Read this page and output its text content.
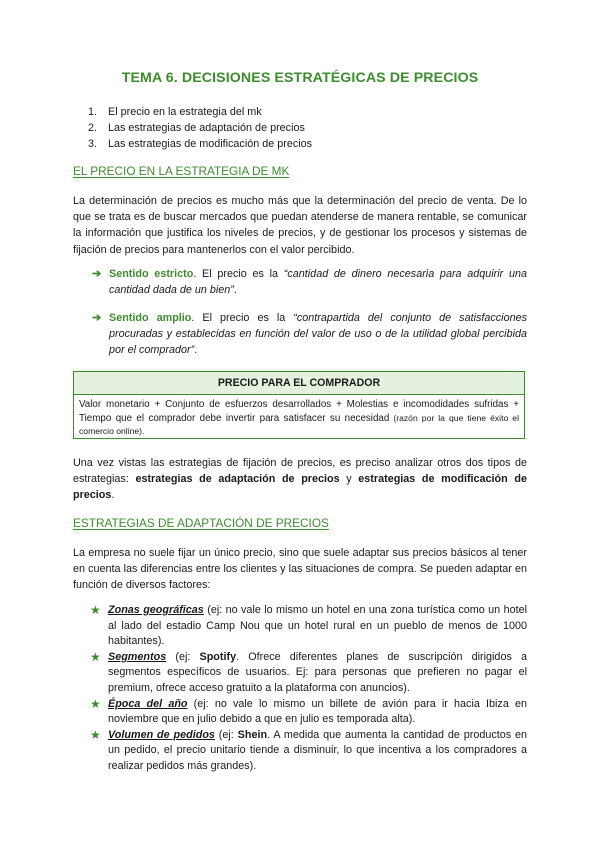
TEMA 6. DECISIONES ESTRATÉGICAS DE PRECIOS
1. El precio en la estrategia del mk
2. Las estrategias de adaptación de precios
3. Las estrategias de modificación de precios
EL PRECIO EN LA ESTRATEGIA DE MK
La determinación de precios es mucho más que la determinación del precio de venta. De lo que se trata es de buscar mercados que puedan atenderse de manera rentable, se comunicar la información que justifica los niveles de precios, y de gestionar los procesos y sistemas de fijación de precios para mantenerlos con el valor percibido.
➔ Sentido estricto. El precio es la “cantidad de dinero necesaria para adquirir una cantidad dada de un bien”.
➔ Sentido amplio. El precio es la “contrapartida del conjunto de satisfacciones procuradas y establecidas en función del valor de uso o de la utilidad global percibida por el comprador”.
PRECIO PARA EL COMPRADOR
Valor monetario + Conjunto de esfuerzos desarrollados + Molestias e incomodidades sufridas + Tiempo que el comprador debe invertir para satisfacer su necesidad (razón por la que tiene éxito el comercio online).
Una vez vistas las estrategias de fijación de precios, es preciso analizar otros dos tipos de estrategias: estrategias de adaptación de precios y estrategias de modificación de precios.
ESTRATEGIAS DE ADAPTACIÓN DE PRECIOS
La empresa no suele fijar un único precio, sino que suele adaptar sus precios básicos al tener en cuenta las diferencias entre los clientes y las situaciones de compra. Se pueden adaptar en función de diversos factores:
★ Zonas geográficas (ej: no vale lo mismo un hotel en una zona turística como un hotel al lado del estadio Camp Nou que un hotel rural en un pueblo de menos de 1000 habitantes).
★ Segmentos (ej: Spotify. Ofrece diferentes planes de suscripción dirigidos a segmentos específicos de usuarios. Ej: para personas que prefieren no pagar el premium, ofrece acceso gratuito a la plataforma con anuncios).
★ Época del año (ej: no vale lo mismo un billete de avión para ir hacia Ibiza en noviembre que en julio debido a que en julio es temporada alta).
★ Volumen de pedidos (ej: Shein. A medida que aumenta la cantidad de productos en un pedido, el precio unitario tiende a disminuir, lo que incentiva a los compradores a realizar pedidos más grandes).
